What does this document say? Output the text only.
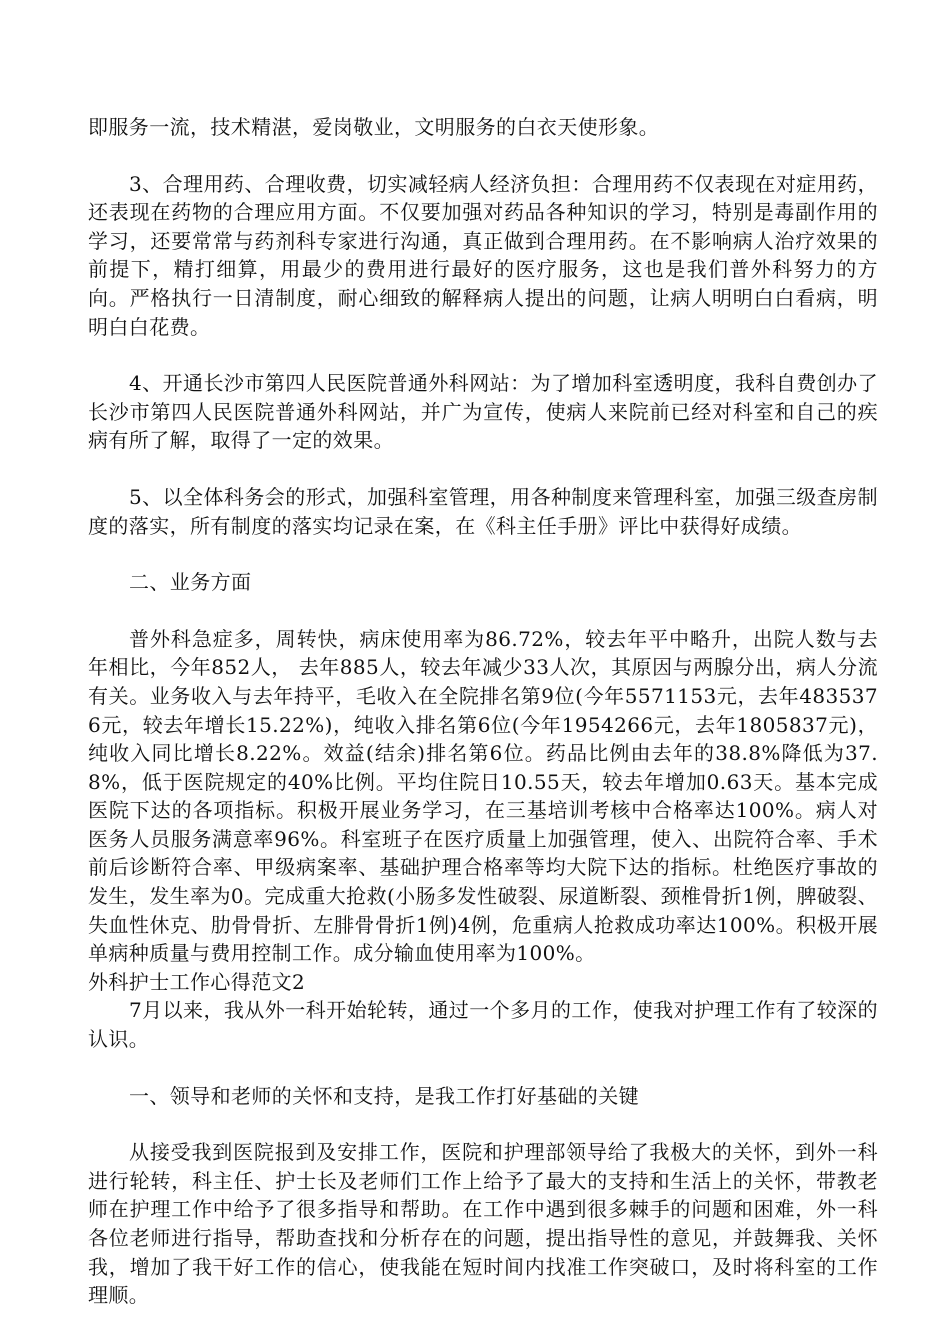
即服务一流，技术精湛，爱岗敬业，文明服务的白衣天使形象。

3、合理用药、合理收费，切实减轻病人经济负担：合理用药不仅表现在对症用药，还表现在药物的合理应用方面。不仅要加强对药品各种知识的学习，特别是毒副作用的学习，还要常常与药剂科专家进行沟通，真正做到合理用药。在不影响病人治疗效果的前提下，精打细算，用最少的费用进行最好的医疗服务，这也是我们普外科努力的方向。严格执行一日清制度，耐心细致的解释病人提出的问题，让病人明明白白看病，明明白白花费。

4、开通长沙市第四人民医院普通外科网站：为了增加科室透明度，我科自费创办了长沙市第四人民医院普通外科网站，并广为宣传，使病人来院前已经对科室和自己的疾病有所了解，取得了一定的效果。

5、以全体科务会的形式，加强科室管理，用各种制度来管理科室，加强三级查房制度的落实，所有制度的落实均记录在案，在《科主任手册》评比中获得好成绩。

二、业务方面

普外科急症多，周转快，病床使用率为86.72%，较去年平中略升，出院人数与去年相比，今年852人， 去年885人，较去年减少33人次，其原因与两腺分出，病人分流有关。业务收入与去年持平，毛收入在全院排名第9位(今年5571153元，去年4835376元，较去年增长15.22%)，纯收入排名第6位(今年1954266元，去年1805837元)，纯收入同比增长8.22%。效益(结余)排名第6位。药品比例由去年的38.8%降低为37.8%，低于医院规定的40%比例。平均住院日10.55天，较去年增加0.63天。基本完成医院下达的各项指标。积极开展业务学习，在三基培训考核中合格率达100%。病人对医务人员服务满意率96%。科室班子在医疗质量上加强管理，使入、出院符合率、手术前后诊断符合率、甲级病案率、基础护理合格率等均大院下达的指标。杜绝医疗事故的发生，发生率为0。完成重大抢救(小肠多发性破裂、尿道断裂、颈椎骨折1例，脾破裂、失血性休克、肋骨骨折、左腓骨骨折1例)4例，危重病人抢救成功率达100%。积极开展单病种质量与费用控制工作。成分输血使用率为100%。

外科护士工作心得范文2

7月以来，我从外一科开始轮转，通过一个多月的工作，使我对护理工作有了较深的认识。

一、领导和老师的关怀和支持，是我工作打好基础的关键

从接受我到医院报到及安排工作，医院和护理部领导给了我极大的关怀，到外一科进行轮转，科主任、护士长及老师们工作上给予了最大的支持和生活上的关怀，带教老师在护理工作中给予了很多指导和帮助。在工作中遇到很多棘手的问题和困难，外一科各位老师进行指导，帮助查找和分析存在的问题，提出指导性的意见，并鼓舞我、关怀我，增加了我干好工作的信心，使我能在短时间内找准工作突破口，及时将科室的工作理顺。
